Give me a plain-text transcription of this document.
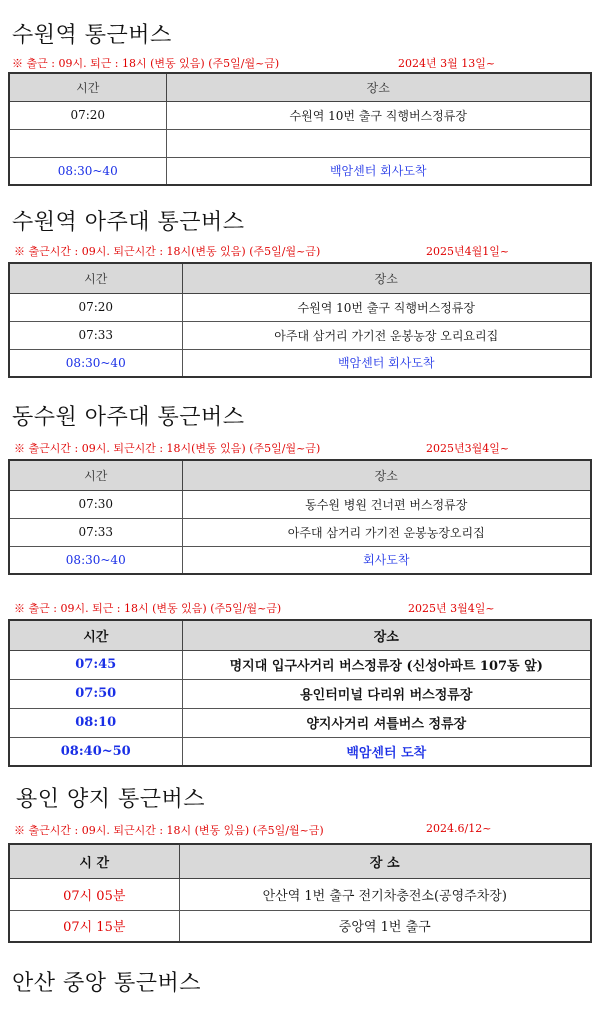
수원역 통근버스
※ 출근 : 09시. 퇴근 : 18시 (변동 있음) (주5일/월~금)	2024년 3월 13일~
시간	장소
07:20	수원역 10번 출구 직행버스정류장

08:30~40	백암센터 회사도착
수원역 아주대 통근버스
※ 출근시간 : 09시. 퇴근시간 : 18시(변동 있음) (주5일/월~금)	2025년4월1일~
시간	장소
07:20	수원역 10번 출구 직행버스정류장
07:33	아주대 삼거리 가기전 운봉농장 오리요리집
08:30~40	백암센터 회사도착
동수원 아주대 통근버스
※ 출근시간 : 09시. 퇴근시간 : 18시(변동 있음) (주5일/월~금)	2025년3월4일~
시간	장소
07:30	동수원 병원 건너편 버스정류장
07:33	아주대 삼거리 가기전 운봉농장오리집
08:30~40	회사도착
※ 출근 : 09시. 퇴근 : 18시 (변동 있음) (주5일/월~금)	2025년 3월4일~
시간	장소
07:45	명지대 입구사거리 버스정류장 (신성아파트 107동 앞)
07:50	용인터미널 다리위 버스정류장
08:10	양지사거리 셔틀버스 정류장
08:40~50	백암센터 도착
용인 양지 통근버스
※ 출근시간 : 09시. 퇴근시간 : 18시 (변동 있음) (주5일/월~금)	2024.6/12~
시 간	장 소
07시 05분	안산역 1번 출구 전기차충전소(공영주차장)
07시 15분	중앙역 1번 출구
안산 중앙 통근버스
